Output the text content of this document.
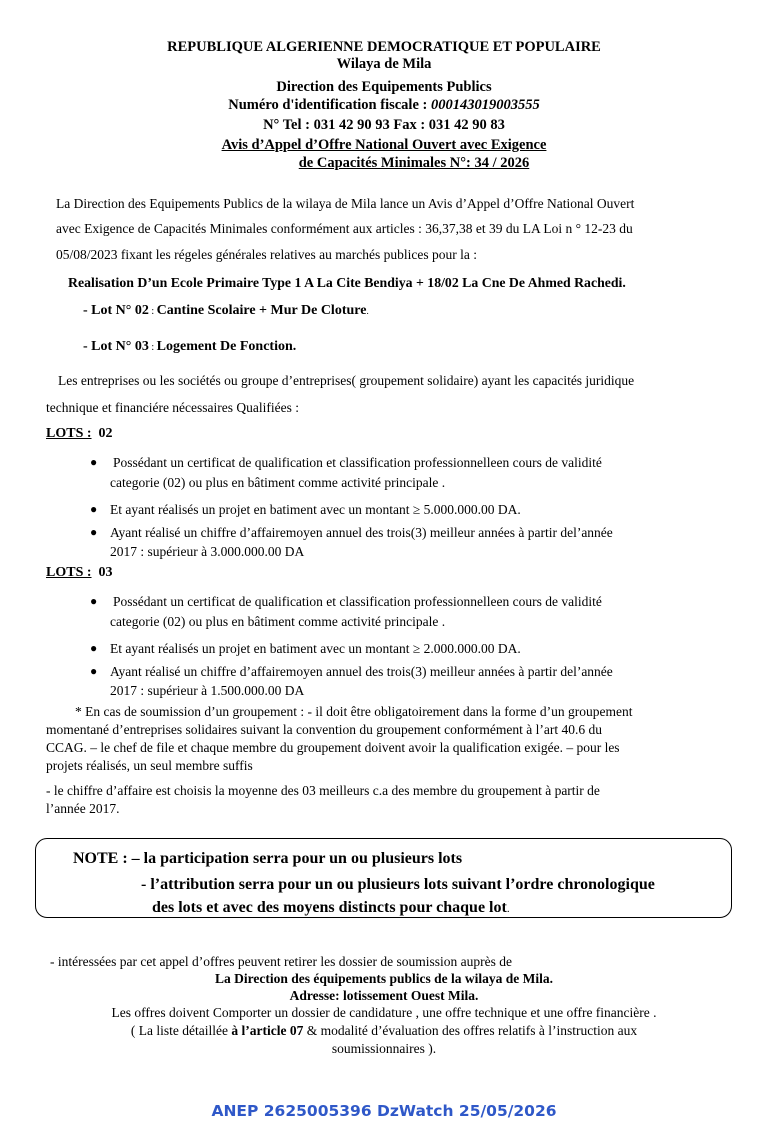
REPUBLIQUE ALGERIENNE DEMOCRATIQUE ET POPULAIRE
Wilaya de Mila
Direction des Equipements Publics
Numéro d'identification fiscale : 000143019003555
N° Tel : 031 42 90 93 Fax : 031 42 90 83
Avis d’Appel d’Offre National Ouvert avec Exigence
de Capacités Minimales N°: 34 / 2026
La Direction des Equipements Publics de la wilaya de Mila lance un Avis d’Appel d’Offre National Ouvert
avec Exigence de Capacités Minimales conformément aux articles : 36,37,38 et 39 du LA Loi n ° 12-23 du
05/08/2023 fixant les régeles générales relatives au marchés publices pour la :
Realisation D’un Ecole Primaire Type 1 A La Cite Bendiya + 18/02 La Cne De Ahmed Rachedi.
- Lot N° 02 : Cantine Scolaire + Mur De Cloture.
- Lot N° 03 : Logement De Fonction.
Les entreprises ou les sociétés ou groupe d’entreprises( groupement solidaire) ayant les capacités juridique
technique et financiére nécessaires Qualifiées :
LOTS : 02
● Possédant un certificat de qualification et classification professionnelleen cours de validité
categorie (02) ou plus en bâtiment comme activité principale .
● Et ayant réalisés un projet en batiment avec un montant ≥ 5.000.000.00 DA.
● Ayant réalisé un chiffre d’affairemoyen annuel des trois(3) meilleur années à partir del’année
2017 : supérieur à 3.000.000.00 DA
LOTS : 03
● Possédant un certificat de qualification et classification professionnelleen cours de validité
categorie (02) ou plus en bâtiment comme activité principale .
● Et ayant réalisés un projet en batiment avec un montant ≥ 2.000.000.00 DA.
● Ayant réalisé un chiffre d’affairemoyen annuel des trois(3) meilleur années à partir del’année
2017 : supérieur à 1.500.000.00 DA
* En cas de soumission d’un groupement : - il doit être obligatoirement dans la forme d’un groupement
momentané d’entreprises solidaires suivant la convention du groupement conformément à l’art 40.6 du
CCAG. – le chef de file et chaque membre du groupement doivent avoir la qualification exigée. – pour les
projets réalisés, un seul membre suffis
- le chiffre d’affaire est choisis la moyenne des 03 meilleurs c.a des membre du groupement à partir de
l’année 2017.
NOTE : – la participation serra pour un ou plusieurs lots
- l’attribution serra pour un ou plusieurs lots suivant l’ordre chronologique
des lots et avec des moyens distincts pour chaque lot.
- intéressées par cet appel d’offres peuvent retirer les dossier de soumission auprès de
La Direction des équipements publics de la wilaya de Mila.
Adresse: lotissement Ouest Mila.
Les offres doivent Comporter un dossier de candidature , une offre technique et une offre financière .
( La liste détaillée à l’article 07 & modalité d’évaluation des offres relatifs à l’instruction aux
soumissionnaires ).
ANEP 2625005396 DzWatch 25/05/2026
